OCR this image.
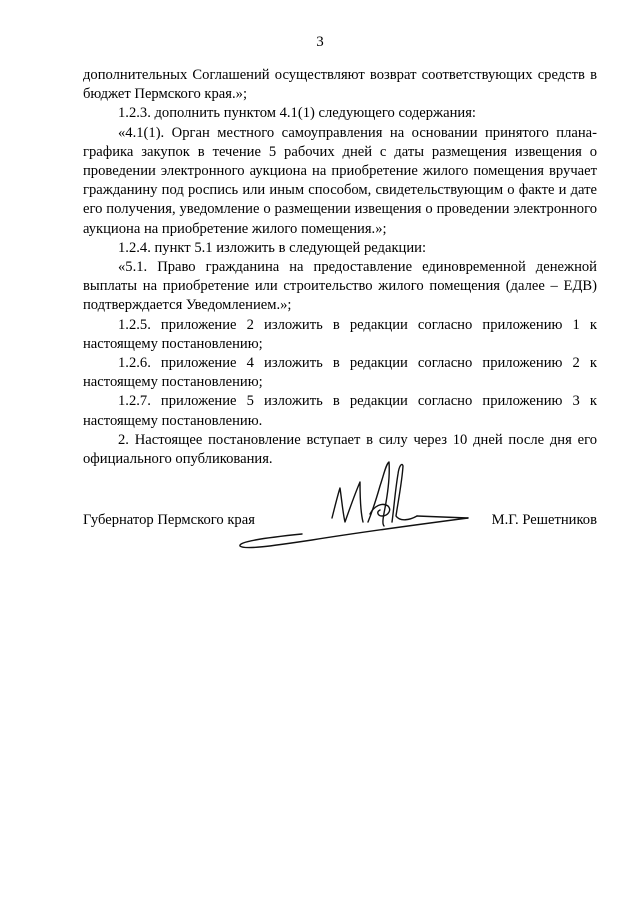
3

дополнительных Соглашений осуществляют возврат соответствующих средств в бюджет Пермского края.»;

1.2.3. дополнить пунктом 4.1(1) следующего содержания:

«4.1(1). Орган местного самоуправления на основании принятого плана-графика закупок в течение 5 рабочих дней с даты размещения извещения о проведении электронного аукциона на приобретение жилого помещения вручает гражданину под роспись или иным способом, свидетельствующим о факте и дате его получения, уведомление о размещении извещения о проведении электронного аукциона на приобретение жилого помещения.»;

1.2.4. пункт 5.1 изложить в следующей редакции:

«5.1. Право гражданина на предоставление единовременной денежной выплаты на приобретение или строительство жилого помещения (далее – ЕДВ) подтверждается Уведомлением.»;

1.2.5. приложение 2 изложить в редакции согласно приложению 1 к настоящему постановлению;

1.2.6. приложение 4 изложить в редакции согласно приложению 2 к настоящему постановлению;

1.2.7. приложение 5 изложить в редакции согласно приложению 3 к настоящему постановлению.

2. Настоящее постановление вступает в силу через 10 дней после дня его официального опубликования.

Губернатор Пермского края	М.Г. Решетников
